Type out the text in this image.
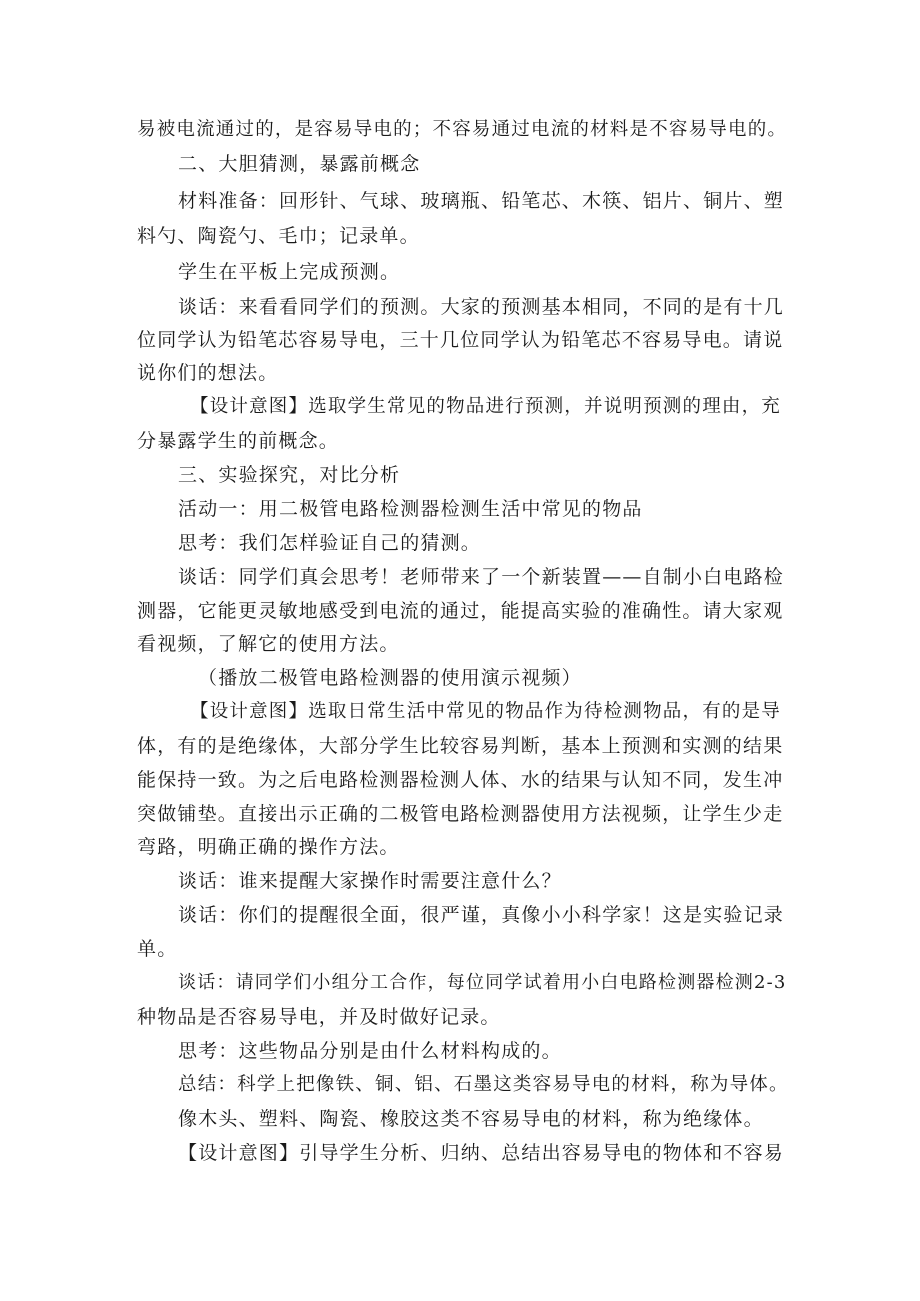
易被电流通过的，是容易导电的；不容易通过电流的材料是不容易导电的。
二、大胆猜测，暴露前概念
材料准备：回形针、气球、玻璃瓶、铅笔芯、木筷、铝片、铜片、塑
料勺、陶瓷勺、毛巾；记录单。
学生在平板上完成预测。
谈话：来看看同学们的预测。大家的预测基本相同，不同的是有十几
位同学认为铅笔芯容易导电，三十几位同学认为铅笔芯不容易导电。请说
说你们的想法。
【设计意图】选取学生常见的物品进行预测，并说明预测的理由，充
分暴露学生的前概念。
三、实验探究，对比分析
活动一：用二极管电路检测器检测生活中常见的物品
思考：我们怎样验证自己的猜测。
谈话：同学们真会思考！老师带来了一个新装置——自制小白电路检
测器，它能更灵敏地感受到电流的通过，能提高实验的准确性。请大家观
看视频，了解它的使用方法。
（播放二极管电路检测器的使用演示视频）
【设计意图】选取日常生活中常见的物品作为待检测物品，有的是导
体，有的是绝缘体，大部分学生比较容易判断，基本上预测和实测的结果
能保持一致。为之后电路检测器检测人体、水的结果与认知不同，发生冲
突做铺垫。直接出示正确的二极管电路检测器使用方法视频，让学生少走
弯路，明确正确的操作方法。
谈话：谁来提醒大家操作时需要注意什么？
谈话：你们的提醒很全面，很严谨，真像小小科学家！这是实验记录
单。
谈话：请同学们小组分工合作，每位同学试着用小白电路检测器检测2-3
种物品是否容易导电，并及时做好记录。
思考：这些物品分别是由什么材料构成的。
总结：科学上把像铁、铜、铝、石墨这类容易导电的材料，称为导体。
像木头、塑料、陶瓷、橡胶这类不容易导电的材料，称为绝缘体。
【设计意图】引导学生分析、归纳、总结出容易导电的物体和不容易
